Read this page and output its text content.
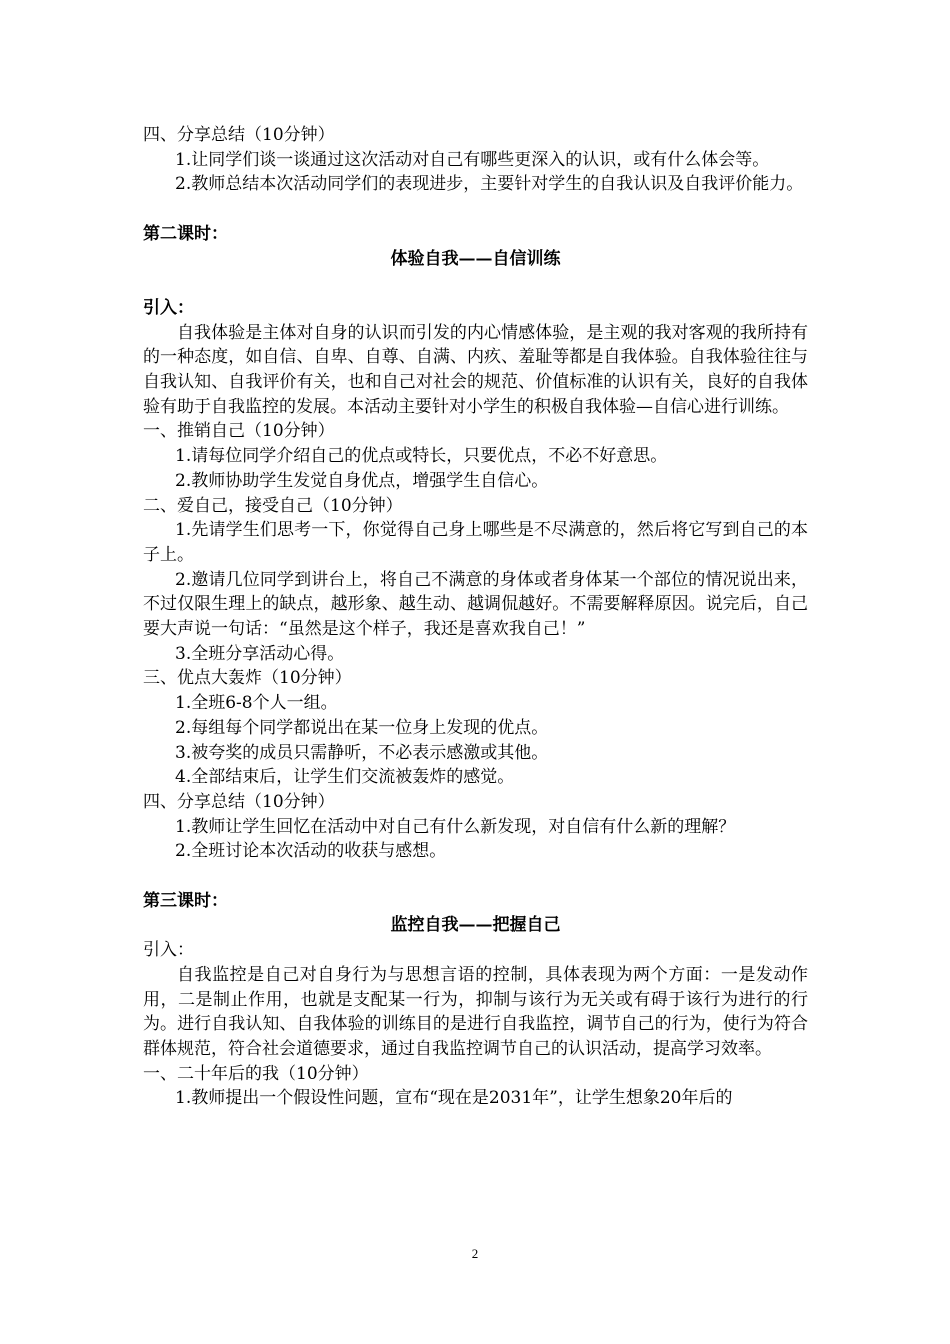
四、分享总结（10分钟）

1.让同学们谈一谈通过这次活动对自己有哪些更深入的认识，或有什么体会等。

2.教师总结本次活动同学们的表现进步，主要针对学生的自我认识及自我评价能力。

第二课时：

体验自我——自信训练

引入：

自我体验是主体对自身的认识而引发的内心情感体验，是主观的我对客观的我所持有的一种态度，如自信、自卑、自尊、自满、内疚、羞耻等都是自我体验。自我体验往往与自我认知、自我评价有关，也和自己对社会的规范、价值标准的认识有关，良好的自我体验有助于自我监控的发展。本活动主要针对小学生的积极自我体验—自信心进行训练。

一、推销自己（10分钟）

1.请每位同学介绍自己的优点或特长，只要优点，不必不好意思。

2.教师协助学生发觉自身优点，增强学生自信心。

二、爱自己，接受自己（10分钟）

1.先请学生们思考一下，你觉得自己身上哪些是不尽满意的，然后将它写到自己的本子上。

2.邀请几位同学到讲台上，将自己不满意的身体或者身体某一个部位的情况说出来，不过仅限生理上的缺点，越形象、越生动、越调侃越好。不需要解释原因。说完后，自己要大声说一句话：“虽然是这个样子，我还是喜欢我自己！”

3.全班分享活动心得。

三、优点大轰炸（10分钟）

1.全班6-8个人一组。

2.每组每个同学都说出在某一位身上发现的优点。

3.被夸奖的成员只需静听，不必表示感激或其他。

4.全部结束后，让学生们交流被轰炸的感觉。

四、分享总结（10分钟）

1.教师让学生回忆在活动中对自己有什么新发现，对自信有什么新的理解？

2.全班讨论本次活动的收获与感想。

第三课时：

监控自我——把握自己

引入：

自我监控是自己对自身行为与思想言语的控制，具体表现为两个方面：一是发动作用，二是制止作用，也就是支配某一行为，抑制与该行为无关或有碍于该行为进行的行为。进行自我认知、自我体验的训练目的是进行自我监控，调节自己的行为，使行为符合群体规范，符合社会道德要求，通过自我监控调节自己的认识活动，提高学习效率。

一、二十年后的我（10分钟）

1.教师提出一个假设性问题，宣布“现在是2031年”，让学生想象20年后的

2
